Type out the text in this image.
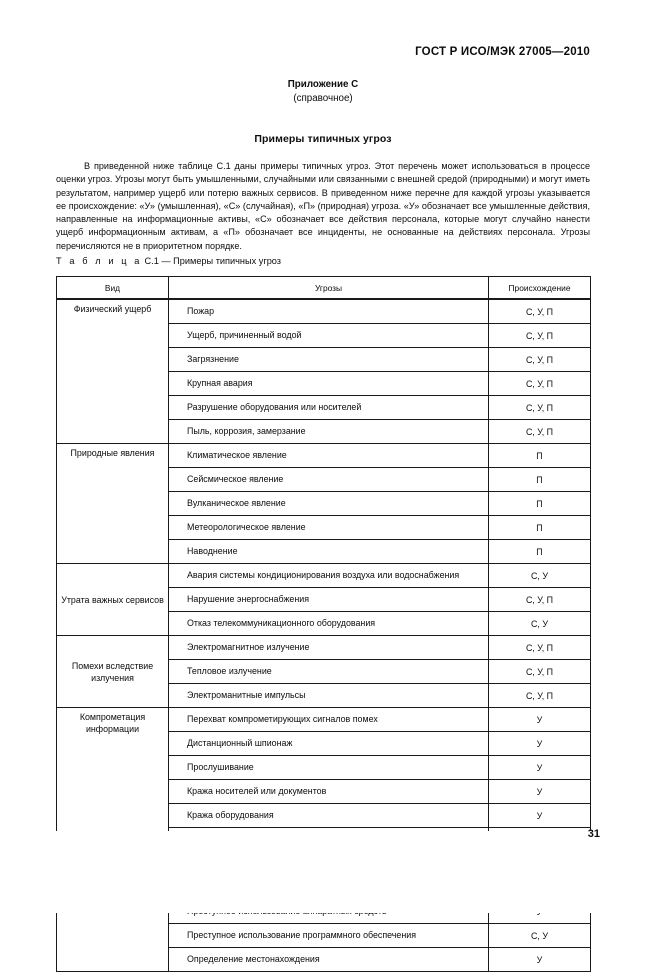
ГОСТ Р ИСО/МЭК 27005—2010
Приложение С
(справочное)
Примеры типичных угроз
В приведенной ниже таблице С.1 даны примеры типичных угроз. Этот перечень может использоваться в процессе оценки угроз. Угрозы могут быть умышленными, случайными или связанными с внешней средой (природными) и могут иметь результатом, например ущерб или потерю важных сервисов. В приведенном ниже перечне для каждой угрозы указывается ее происхождение: «У» (умышленная), «С» (случайная), «П» (природная) угроза. «У» обозначает все умышленные действия, направленные на информационные активы, «С» обозначает все действия персонала, которые могут случайно нанести ущерб информационным активам, а «П» обозначает все инциденты, не основанные на действиях персонала. Угрозы перечисляются не в приоритетном порядке.
Т а б л и ц а С.1 — Примеры типичных угроз
Вид	Угрозы	Происхождение
Физический ущерб	Пожар	С, У, П
	Ущерб, причиненный водой	С, У, П
	Загрязнение	С, У, П
	Крупная авария	С, У, П
	Разрушение оборудования или носителей	С, У, П
	Пыль, коррозия, замерзание	С, У, П
Природные явления	Климатическое явление	П
	Сейсмическое явление	П
	Вулканическое явление	П
	Метеорологическое явление	П
	Наводнение	П
Утрата важных сервисов	Авария системы кондиционирования воздуха или водоснабжения	С, У
	Нарушение энергоснабжения	С, У, П
	Отказ телекоммуникационного оборудования	С, У
Помехи вследствие излучения	Электромагнитное излучение	С, У, П
	Тепловое излучение	С, У, П
	Электроманитные импульсы	С, У, П
Компрометация информации	Перехват компрометирующих сигналов помех	У
	Дистанционный шпионаж	У
	Прослушивание	У
	Кража носителей или документов	У
	Кража оборудования	У

	Преступное использование программного обеспечения	С, У
	Определение местонахождения	У
31
